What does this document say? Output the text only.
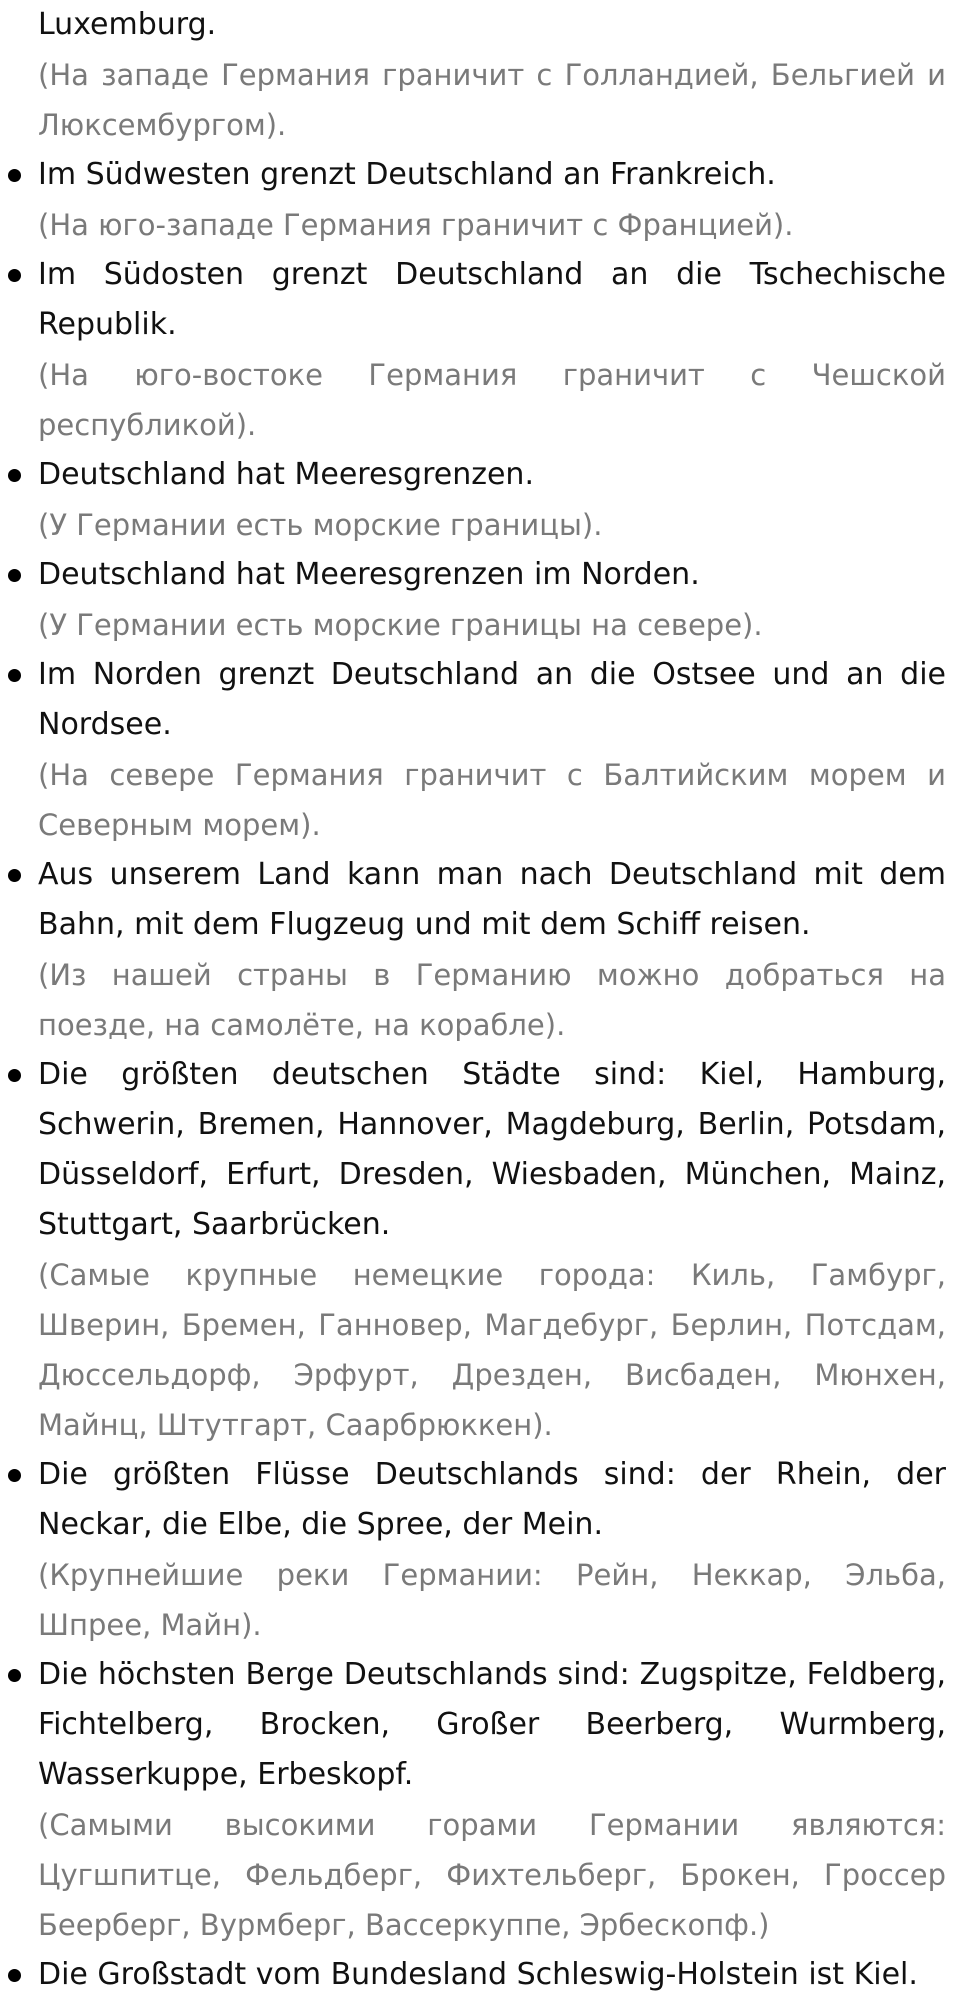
Luxemburg.

(На западе Германия граничит с Голландией, Бельгией и Люксембургом).

Im Südwesten grenzt Deutschland an Frankreich.

(На юго-западе Германия граничит с Францией).

Im Südosten grenzt Deutschland an die Tschechische Republik.

(На юго-востоке Германия граничит с Чешской республикой).

Deutschland hat Meeresgrenzen.

(У Германии есть морские границы).

Deutschland hat Meeresgrenzen im Norden.

(У Германии есть морские границы на севере).

Im Norden grenzt Deutschland an die Ostsee und an die Nordsee.

(На севере Германия граничит с Балтийским морем и Северным морем).

Aus unserem Land kann man nach Deutschland mit dem Bahn, mit dem Flugzeug und mit dem Schiff reisen.

(Из нашей страны в Германию можно добраться на поезде, на самолёте, на корабле).

Die größten deutschen Städte sind: Kiel, Hamburg, Schwerin, Bremen, Hannover, Magdeburg, Berlin, Potsdam, Düsseldorf, Erfurt, Dresden, Wiesbaden, München, Mainz, Stuttgart, Saarbrücken.

(Самые крупные немецкие города: Киль, Гамбург, Шверин, Бремен, Ганновер, Магдебург, Берлин, Потсдам, Дюссельдорф, Эрфурт, Дрезден, Висбаден, Мюнхен, Майнц, Штутгарт, Саарбрюккен).

Die größten Flüsse Deutschlands sind: der Rhein, der Neckar, die Elbe, die Spree, der Mein.

(Крупнейшие реки Германии: Рейн, Неккар, Эльба, Шпрее, Майн).

Die höchsten Berge Deutschlands sind: Zugspitze, Feldberg, Fichtelberg, Brocken, Großer Beerberg, Wurmberg, Wasserkuppe, Erbeskopf.

(Самыми высокими горами Германии являются: Цугшпитце, Фельдберг, Фихтельберг, Брокен, Гроссер Беерберг, Вурмберг, Вассеркуппе, Эрбескопф.)

Die Großstadt vom Bundesland Schleswig-Holstein ist Kiel.
